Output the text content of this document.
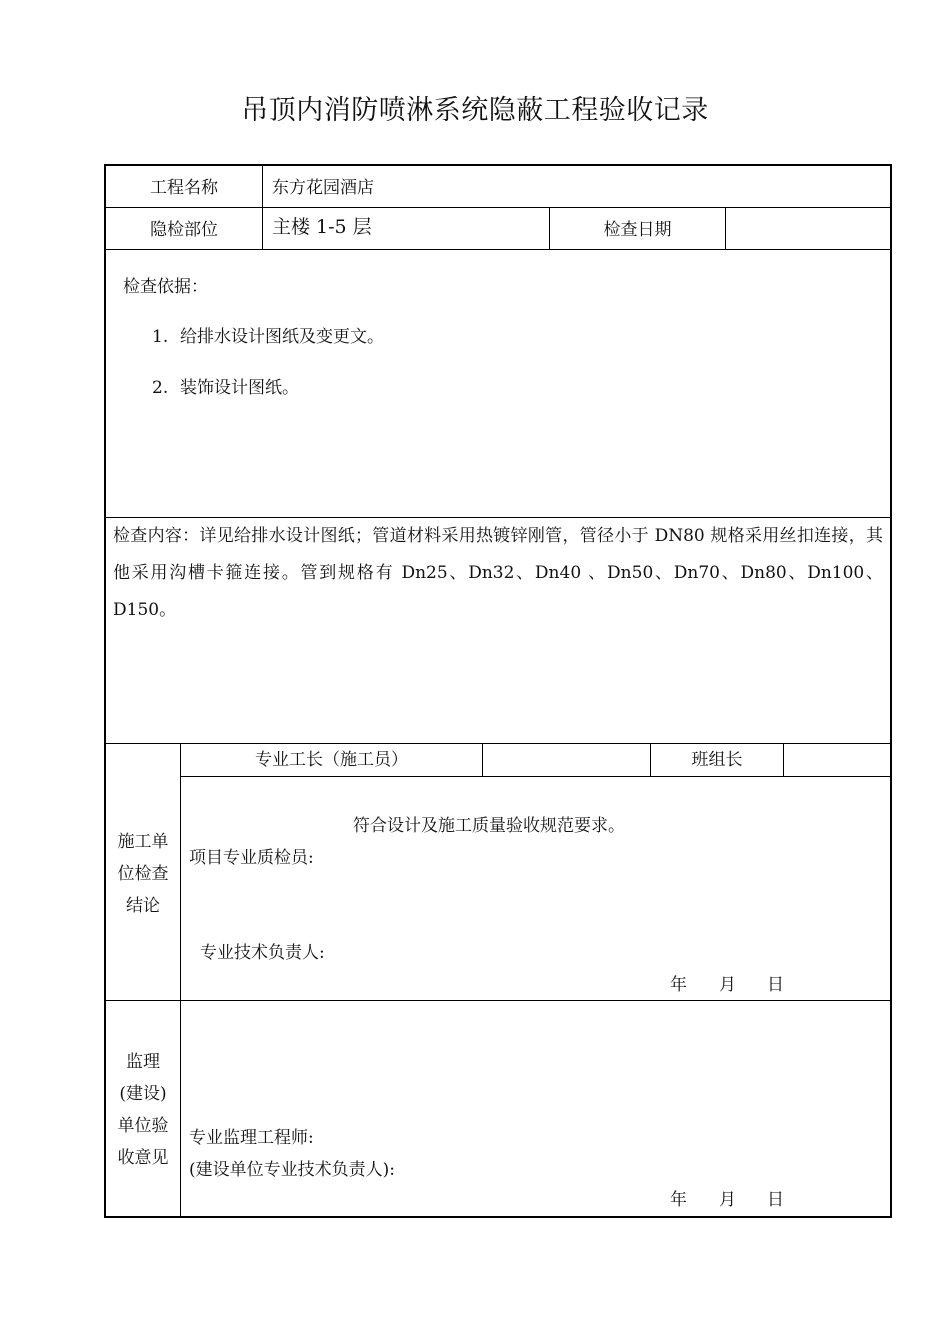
吊顶内消防喷淋系统隐蔽工程验收记录
工程名称	东方花园酒店
隐检部位	主楼 1-5 层	检查日期
检查依据：
1. 给排水设计图纸及变更文。
2. 装饰设计图纸。
检查内容：详见给排水设计图纸；管道材料采用热镀锌刚管，管径小于 DN80 规格采用丝扣连接，其他采用沟槽卡箍连接。管到规格有 Dn25、Dn32、Dn40 、Dn50、Dn70、Dn80、Dn100、D150。
施工单
位检查
结论
专业工长（施工员）	班组长
符合设计及施工质量验收规范要求。
项目专业质检员:
专业技术负责人:
年 月 日
监理
(建设)
单位验
收意见
专业监理工程师:
(建设单位专业技术负责人):
年 月 日
